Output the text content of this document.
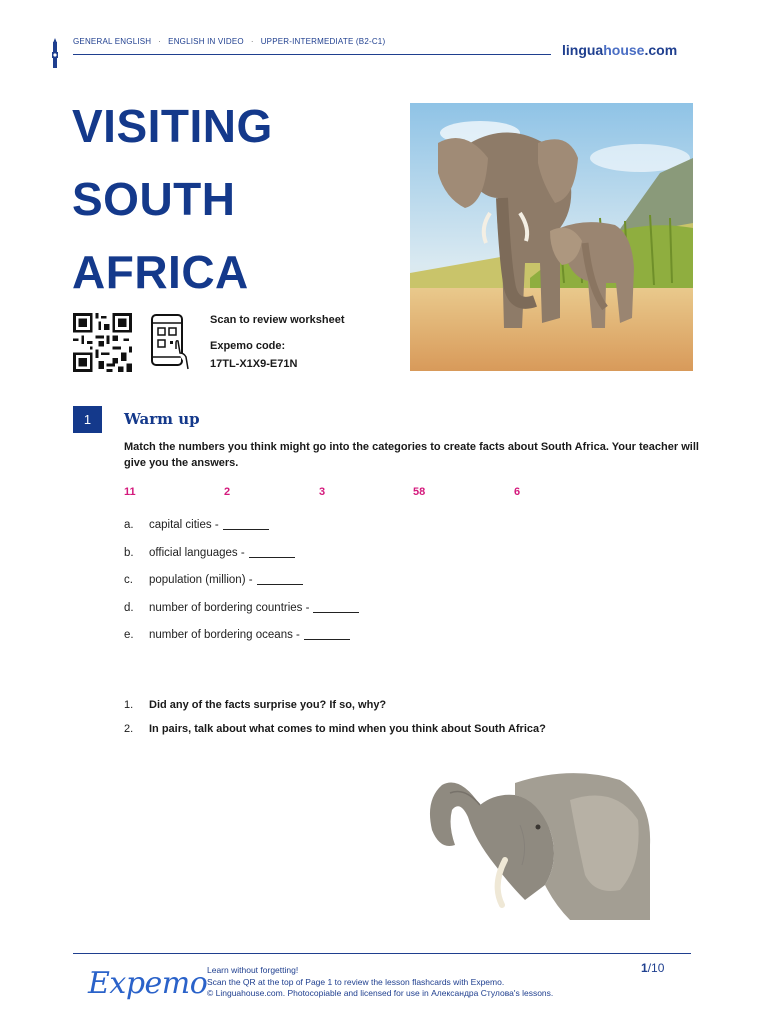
GENERAL ENGLISH · ENGLISH IN VIDEO · UPPER-INTERMEDIATE (B2-C1)
linguahouse.com
VISITING
SOUTH
AFRICA
Scan to review worksheet
Expemo code:
17TL-X1X9-E71N
1	Warm up
Match the numbers you think might go into the categories to create facts about South Africa. Your teacher will give you the answers.
11	2	3	58	6
a. capital cities -
b. official languages -
c. population (million) -
d. number of bordering countries -
e. number of bordering oceans -
1. Did any of the facts surprise you? If so, why?
2. In pairs, talk about what comes to mind when you think about South Africa?
Expemo Learn without forgetting!
Scan the QR at the top of Page 1 to review the lesson flashcards with Expemo.
© Linguahouse.com. Photocopiable and licensed for use in Александра Стулова's lessons.
1/10
